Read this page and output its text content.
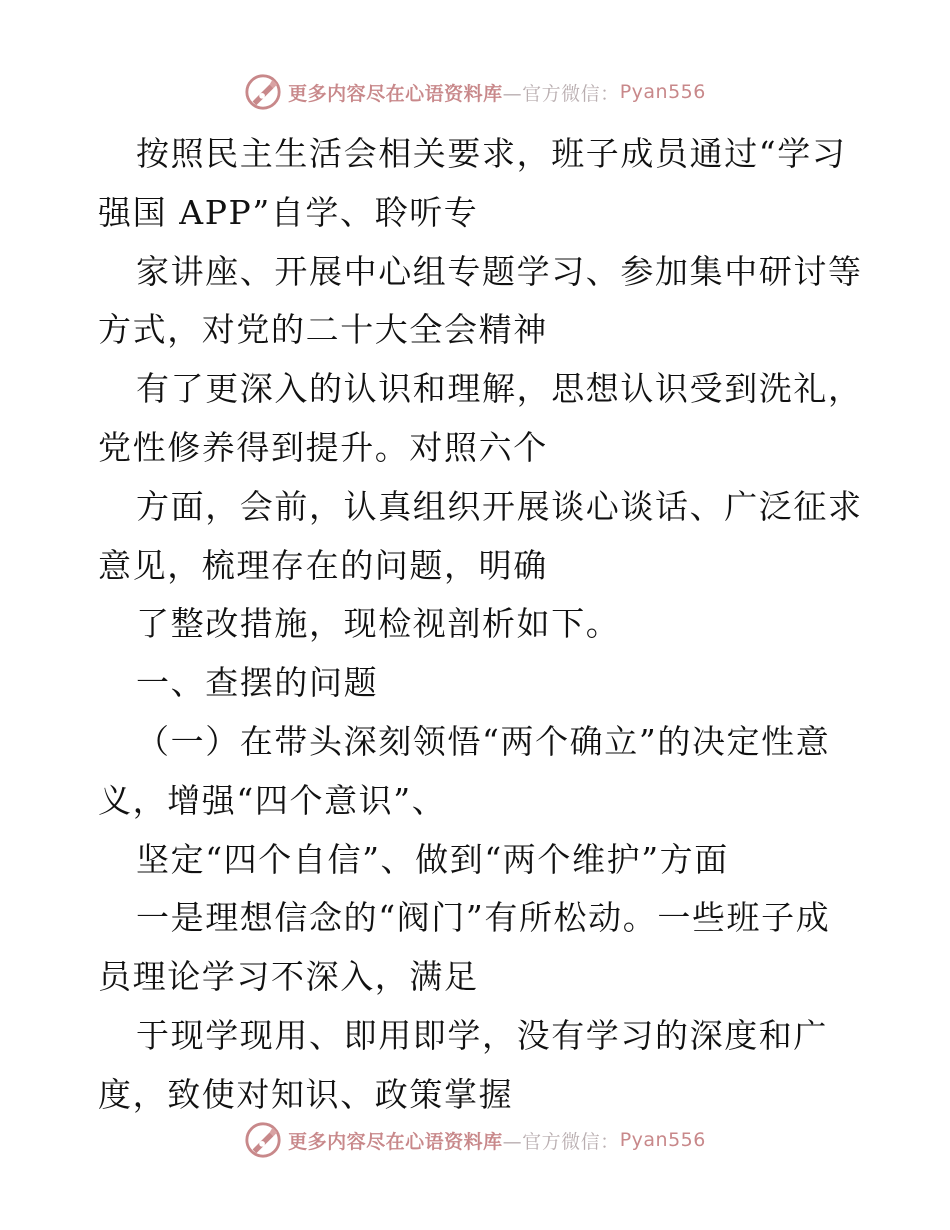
更多内容尽在心语资料库 —官方微信： Pyan556
按照民主生活会相关要求，班子成员通过“学习
强国 APP”自学、聆听专
家讲座、开展中心组专题学习、参加集中研讨等
方式，对党的二十大全会精神
有了更深入的认识和理解，思想认识受到洗礼，
党性修养得到提升。对照六个
方面，会前，认真组织开展谈心谈话、广泛征求
意见，梳理存在的问题，明确
了整改措施，现检视剖析如下。
一、查摆的问题
（一）在带头深刻领悟“两个确立”的决定性意
义，增强“四个意识”、
坚定“四个自信”、做到“两个维护”方面
一是理想信念的“阀门”有所松动。一些班子成
员理论学习不深入，满足
于现学现用、即用即学，没有学习的深度和广
度，致使对知识、政策掌握
更多内容尽在心语资料库 —官方微信： Pyan556
